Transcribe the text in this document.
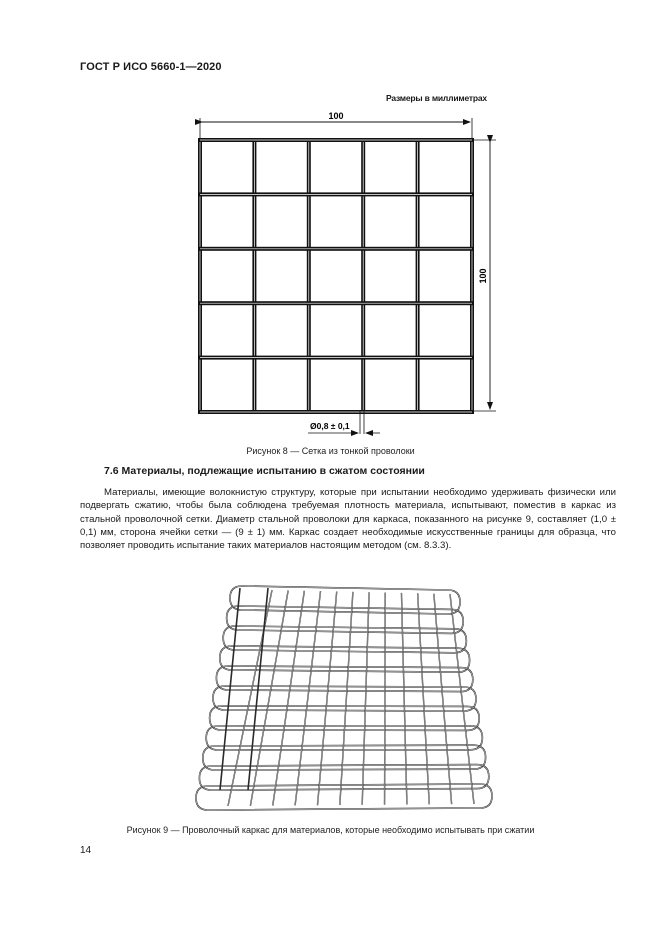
ГОСТ Р ИСО 5660-1—2020
Размеры в миллиметрах
100
100
Ø0,8 ± 0,1
Рисунок 8 — Сетка из тонкой проволоки
7.6 Материалы, подлежащие испытанию в сжатом состоянии
Материалы, имеющие волокнистую структуру, которые при испытании необходимо удерживать физически или подвергать сжатию, чтобы была соблюдена требуемая плотность материала, испытывают, поместив в каркас из стальной проволочной сетки. Диаметр стальной проволоки для каркаса, показанного на рисунке 9, составляет (1,0 ± 0,1) мм, сторона ячейки сетки — (9 ± 1) мм. Каркас создает необходимые искусственные границы для образца, что позволяет проводить испытание таких материалов настоящим методом (см. 8.3.3).
Рисунок 9 — Проволочный каркас для материалов, которые необходимо испытывать при сжатии
14
